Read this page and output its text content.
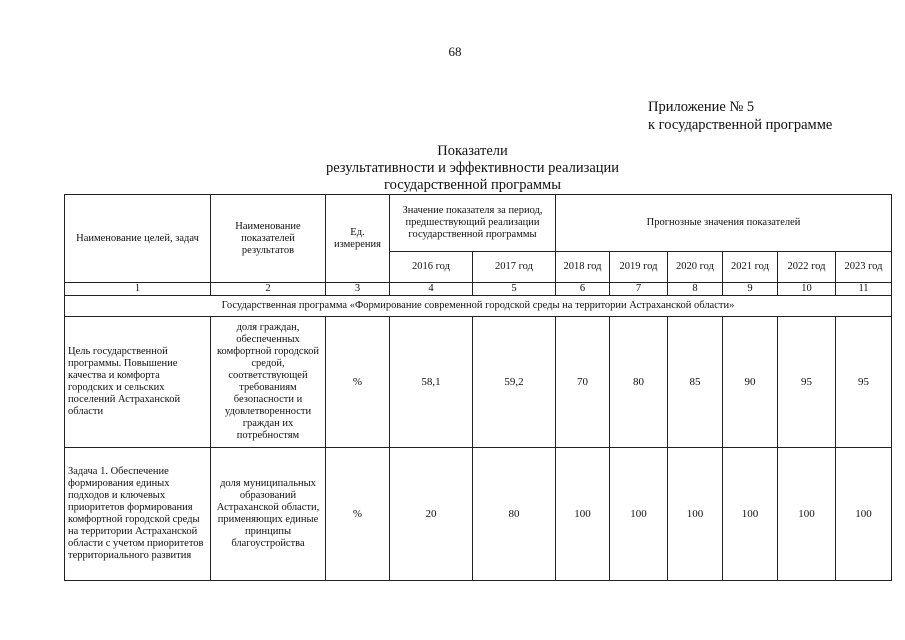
68
Приложение № 5
к государственной программе
Показатели
результативности и эффективности реализации
государственной программы
Наименование целей, задач	Наименование показателей результатов	Ед. измерения	Значение показателя за период, предшествующий реализации государственной программы		Прогнозные значения показателей					
			2016 год	2017 год	2018 год	2019 год	2020 год	2021 год	2022 год	2023 год
1	2	3	4	5	6	7	8	9	10	11
Государственная программа «Формирование современной городской среды на территории Астраханской области»										
Цель государственной программы. Повышение качества и комфорта городских и сельских поселений Астраханской области	доля граждан, обеспеченных комфортной городской средой, соответствующей требованиям безопасности и удовлетворенности граждан их потребностям	%	58,1	59,2	70	80	85	90	95	95
Задача 1. Обеспечение формирования единых подходов и ключевых приоритетов формирования комфортной городской среды на территории Астраханской области с учетом приоритетов территориального развития	доля муниципальных образований Астраханской области, применяющих единые принципы благоустройства	%	20	80	100	100	100	100	100	100
